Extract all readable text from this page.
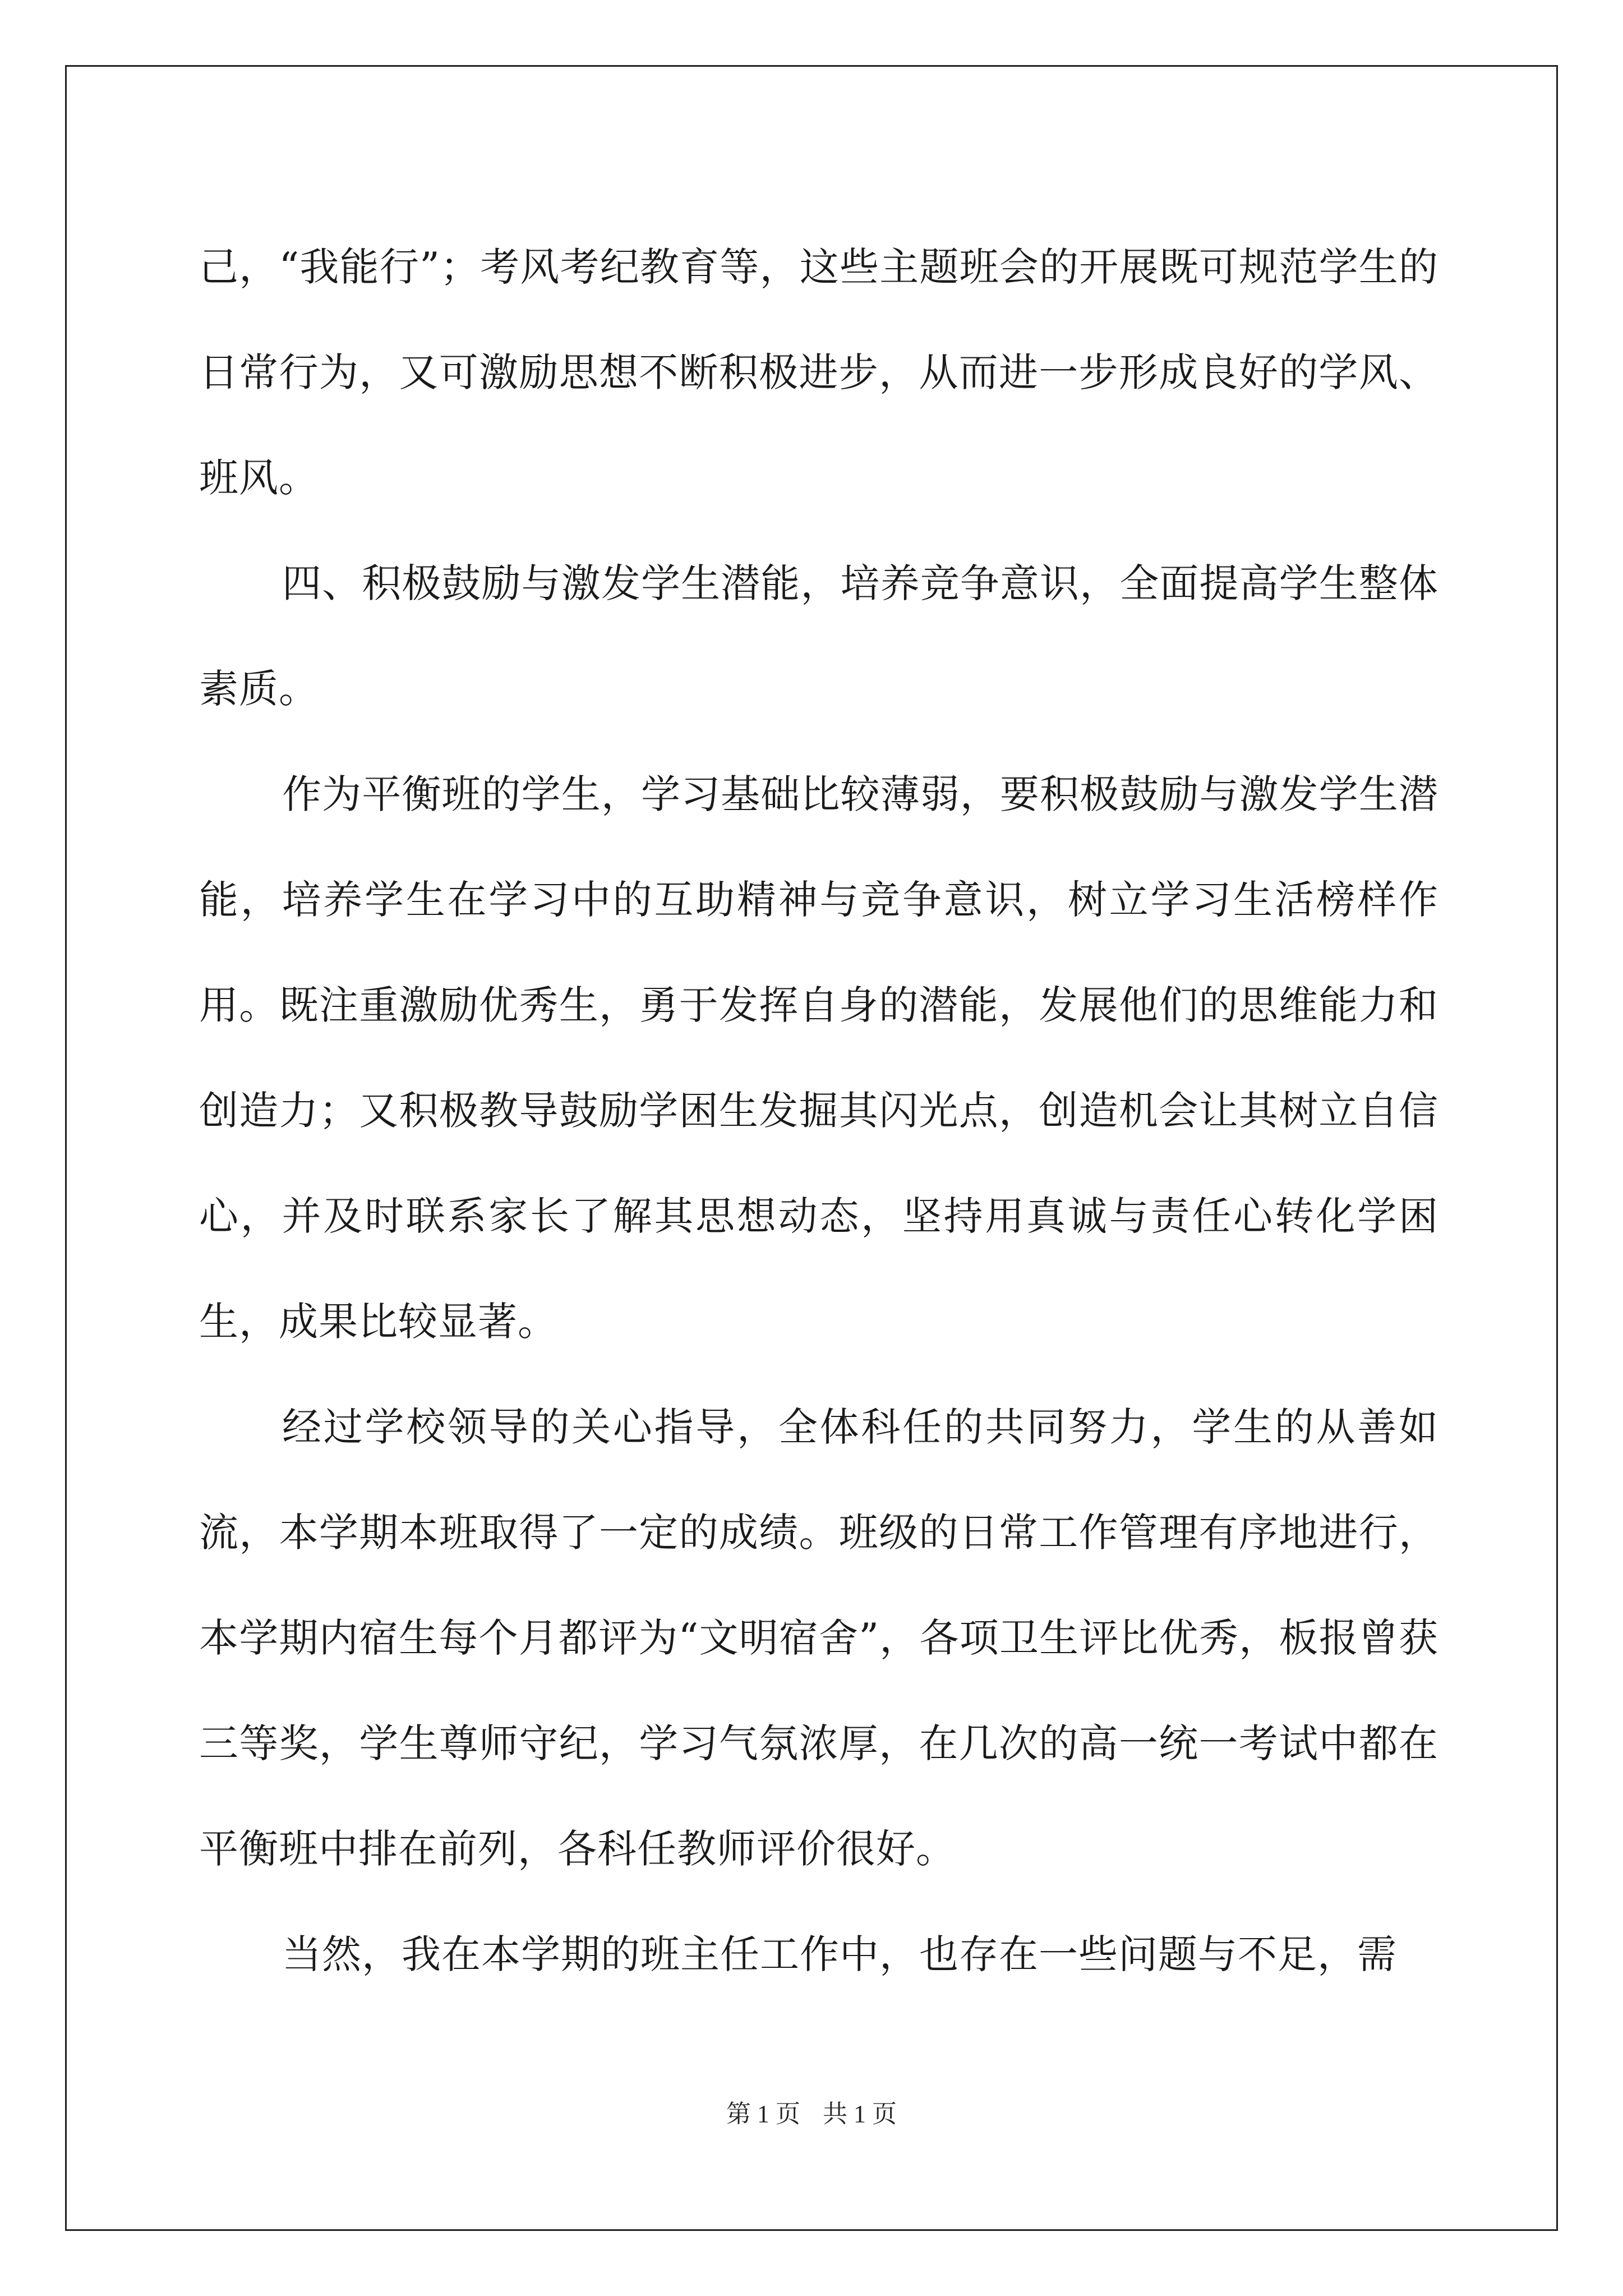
己，“我能行”；考风考纪教育等，这些主题班会的开展既可规范学生的日常行为，又可激励思想不断积极进步，从而进一步形成良好的学风、班风。

四、积极鼓励与激发学生潜能，培养竞争意识，全面提高学生整体素质。

作为平衡班的学生，学习基础比较薄弱，要积极鼓励与激发学生潜能，培养学生在学习中的互助精神与竞争意识，树立学习生活榜样作用。既注重激励优秀生，勇于发挥自身的潜能，发展他们的思维能力和创造力；又积极教导鼓励学困生发掘其闪光点，创造机会让其树立自信心，并及时联系家长了解其思想动态，坚持用真诚与责任心转化学困生，成果比较显著。

经过学校领导的关心指导，全体科任的共同努力，学生的从善如流，本学期本班取得了一定的成绩。班级的日常工作管理有序地进行，本学期内宿生每个月都评为“文明宿舍”，各项卫生评比优秀，板报曾获三等奖，学生尊师守纪，学习气氛浓厚，在几次的高一统一考试中都在平衡班中排在前列，各科任教师评价很好。

当然，我在本学期的班主任工作中，也存在一些问题与不足，需

第 1 页 共 1 页
